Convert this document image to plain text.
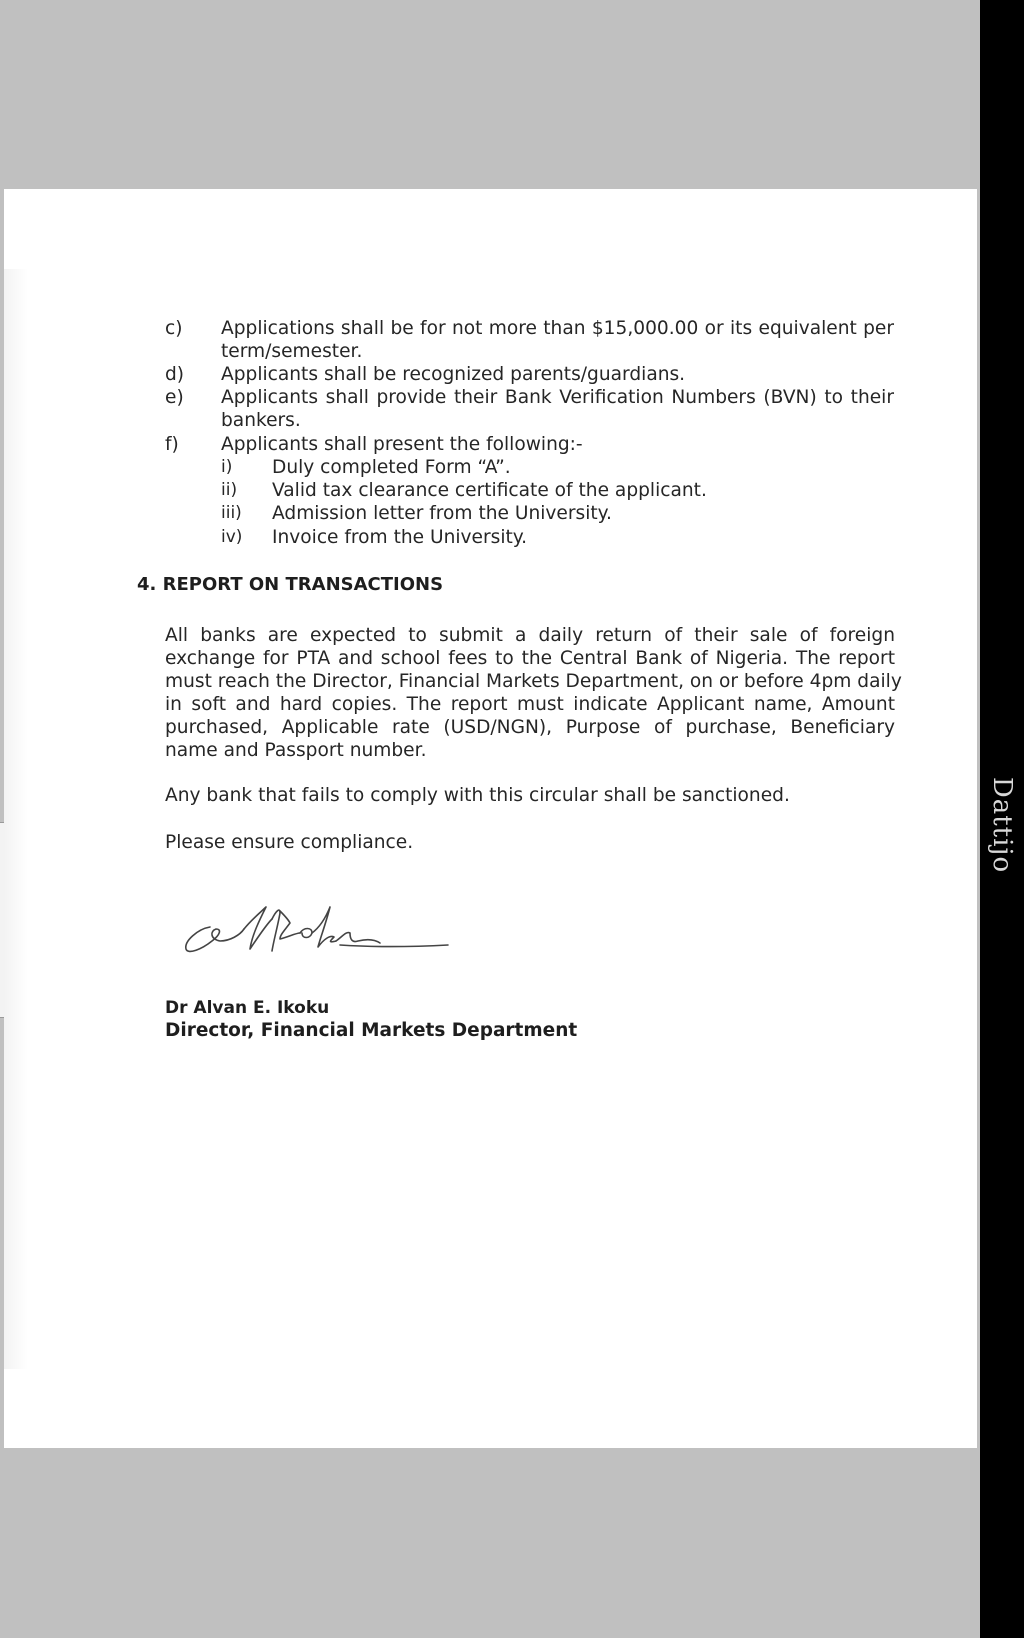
Dattijo
c) Applications shall be for not more than $15,000.00 or its equivalent per
term/semester.
d) Applicants shall be recognized parents/guardians.
e) Applicants shall provide their Bank Verification Numbers (BVN) to their
bankers.
f) Applicants shall present the following:-
i) Duly completed Form “A”.
ii) Valid tax clearance certificate of the applicant.
iii) Admission letter from the University.
iv) Invoice from the University.
4. REPORT ON TRANSACTIONS
All banks are expected to submit a daily return of their sale of foreign
exchange for PTA and school fees to the Central Bank of Nigeria. The report
must reach the Director, Financial Markets Department, on or before 4pm daily
in soft and hard copies. The report must indicate Applicant name, Amount
purchased, Applicable rate (USD/NGN), Purpose of purchase, Beneficiary
name and Passport number.
Any bank that fails to comply with this circular shall be sanctioned.
Please ensure compliance.
Dr Alvan E. Ikoku
Director, Financial Markets Department
